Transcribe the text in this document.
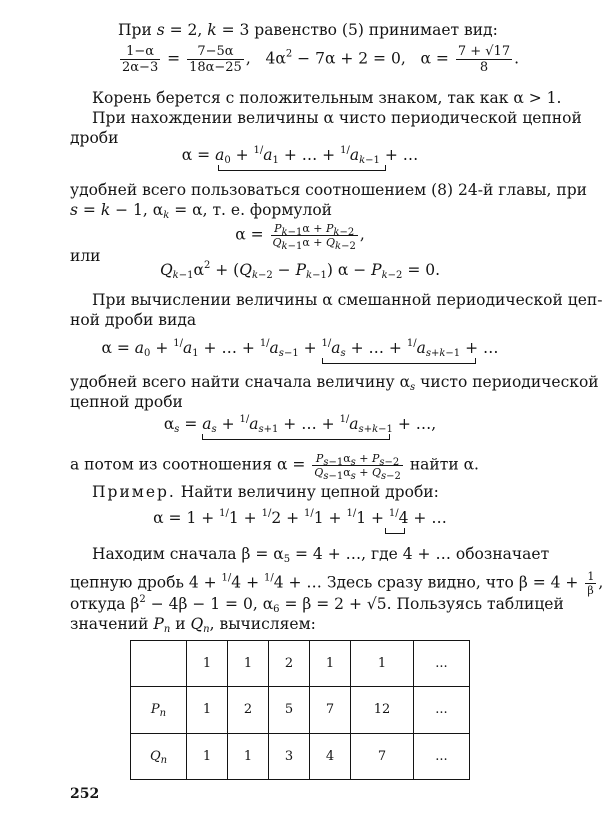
При s = 2, k = 3 равенство (5) принимает вид:
$\frac{1-\alpha}{2\alpha-3} = \frac{7-5\alpha}{18\alpha-25}$ ,   $4\alpha^2 - 7\alpha + 2 = 0$,   $\alpha = \frac{7 + √17}{8}$ .
Корень берется с положительным знаком, так как α > 1.
При нахождении величины α чисто периодической цепной
дроби
$\alpha = a_0 + ^{1/}a_1$ + … + $^{1/}a_{k-1}$ + …
удобней всего пользоваться соотношением (8) 24-й главы, при
s = k − 1, $\alpha_k = \alpha$, т. е. формулой
$\alpha = \frac{P_{k-1}\alpha + P_{k-2}}{Q_{k-1}\alpha + Q_{k-2}}$ ,
или
$Q_{k-1}\alpha^2 + (Q_{k-2} - P_{k-1}) \alpha - P_{k-2} = 0$.
При вычислении величины α смешанной периодической цеп-
ной дроби вида
$\alpha = a_0 + ^{1/}a_1$ + … + $^{1/}a_{s-1} + ^{1/}a_s$ + … + $^{1/}a_{s+k-1}$ + …
удобней всего найти сначала величину $\alpha_s$ чисто периодической
цепной дроби
$\alpha_s = a_s + ^{1/}a_{s+1}$ + … + $^{1/}a_{s+k-1}$ + …,
а потом из соотношения $\alpha = \frac{P_{s-1}\alpha_s + P_{s-2}}{Q_{s-1}\alpha_s + Q_{s-2}}$ найти α.
Пример. Найти величину цепной дроби:
α = 1 + $^{1/}$1 + $^{1/}$2 + $^{1/}$1 + $^{1/}$1 + $^{1/}$4 + …
Находим сначала $\beta = \alpha_5 = 4$ + …, где 4 + … обозначает
цепную дробь 4 + $^{1/}$4 + $^{1/}$4 + … Здесь сразу видно, что $\beta = 4 + \frac{1}{\beta}$ ,
откуда $\beta^2 - 4\beta - 1 = 0$, $\alpha_6 = \beta = 2 + √5$. Пользуясь таблицей
значений $P_n$ и $Q_n$, вычисляем:
	1	1	2	1	1	...
$P_n$	1	2	5	7	12	...
$Q_n$	1	1	3	4	7	...
252
